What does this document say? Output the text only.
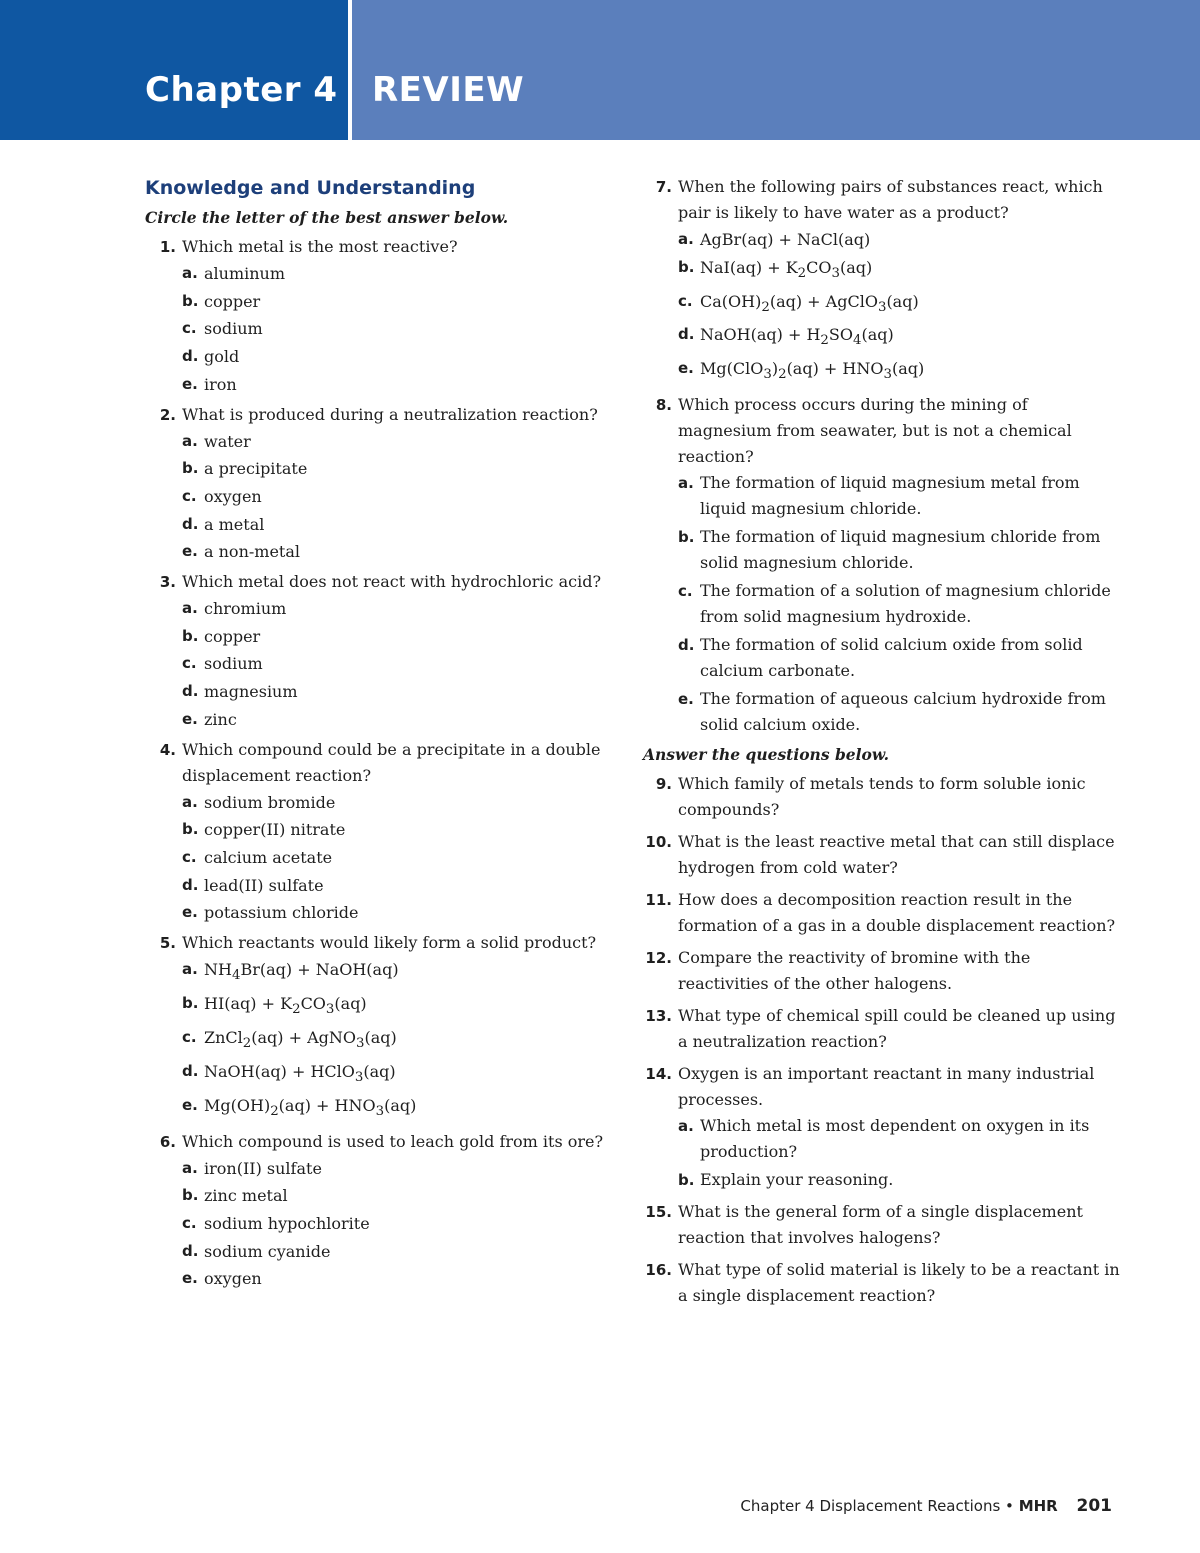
Chapter 4 REVIEW
Knowledge and Understanding
Circle the letter of the best answer below.
1. Which metal is the most reactive?
a. aluminum
b. copper
c. sodium
d. gold
e. iron
2. What is produced during a neutralization reaction?
a. water
b. a precipitate
c. oxygen
d. a metal
e. a non-metal
3. Which metal does not react with hydrochloric acid?
a. chromium
b. copper
c. sodium
d. magnesium
e. zinc
4. Which compound could be a precipitate in a double displacement reaction?
a. sodium bromide
b. copper(II) nitrate
c. calcium acetate
d. lead(II) sulfate
e. potassium chloride
5. Which reactants would likely form a solid product?
a. $NH_4Br(aq)$ + NaOH(aq)
b. $HI(aq) + K_2CO_3(aq)$
c. ZnCl$_2$(aq) + AgNO$_3$(aq)
d. NaOH(aq) + HClO$_3$(aq)
e. $Mg(OH)_2(aq) + HNO_3(aq)$
6. Which compound is used to leach gold from its ore?
a. iron(II) sulfate
b. zinc metal
c. sodium hypochlorite
d. sodium cyanide
e. oxygen
7. When the following pairs of substances react, which pair is likely to have water as a product?
a. AgBr(aq) + NaCl(aq)
b. $NaI(aq) + K_2CO_3(aq)$
c. $Ca(OH)_2(aq)$ + AgClO$_3$(aq)
d. NaOH(aq) + $H_2SO_4(aq)$
e. $Mg(ClO_3)_2(aq) + HNO_3(aq)$
8. Which process occurs during the mining of magnesium from seawater, but is not a chemical reaction?
a. The formation of liquid magnesium metal from liquid magnesium chloride.
b. The formation of liquid magnesium chloride from solid magnesium chloride.
c. The formation of a solution of magnesium chloride from solid magnesium hydroxide.
d. The formation of solid calcium oxide from solid calcium carbonate.
e. The formation of aqueous calcium hydroxide from solid calcium oxide.
Answer the questions below.
9. Which family of metals tends to form soluble ionic compounds?
10. What is the least reactive metal that can still displace hydrogen from cold water?
11. How does a decomposition reaction result in the formation of a gas in a double displacement reaction?
12. Compare the reactivity of bromine with the reactivities of the other halogens.
13. What type of chemical spill could be cleaned up using a neutralization reaction?
14. Oxygen is an important reactant in many industrial processes.
a. Which metal is most dependent on oxygen in its production?
b. Explain your reasoning.
15. What is the general form of a single displacement reaction that involves halogens?
16. What type of solid material is likely to be a reactant in a single displacement reaction?
Chapter 4 Displacement Reactions • MHR 201
